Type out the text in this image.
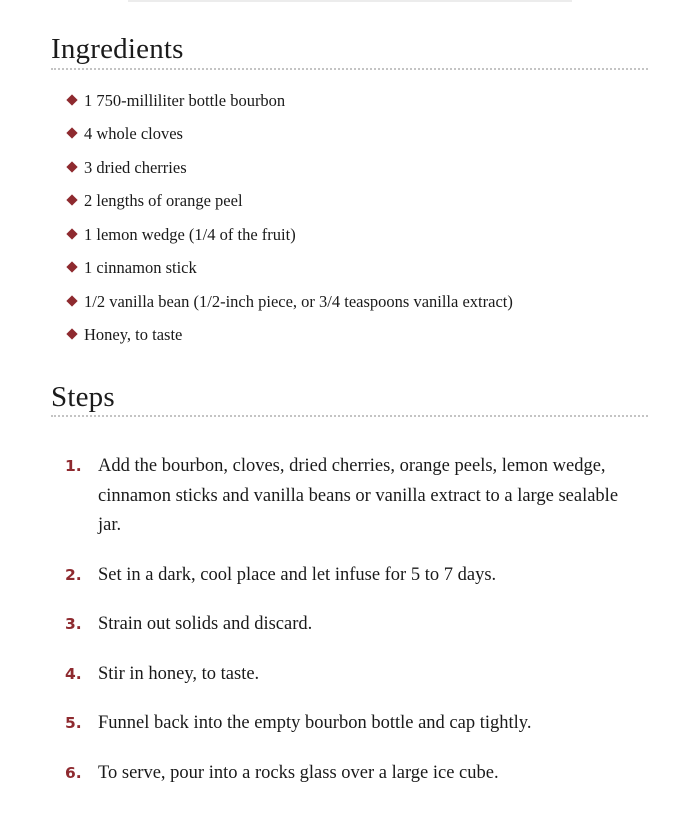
Ingredients
1 750-milliliter bottle bourbon
4 whole cloves
3 dried cherries
2 lengths of orange peel
1 lemon wedge (1/4 of the fruit)
1 cinnamon stick
1/2 vanilla bean (1/2-inch piece, or 3/4 teaspoons vanilla extract)
Honey, to taste
Steps
1. Add the bourbon, cloves, dried cherries, orange peels, lemon wedge, cinnamon sticks and vanilla beans or vanilla extract to a large sealable jar.
2. Set in a dark, cool place and let infuse for 5 to 7 days.
3. Strain out solids and discard.
4. Stir in honey, to taste.
5. Funnel back into the empty bourbon bottle and cap tightly.
6. To serve, pour into a rocks glass over a large ice cube.
